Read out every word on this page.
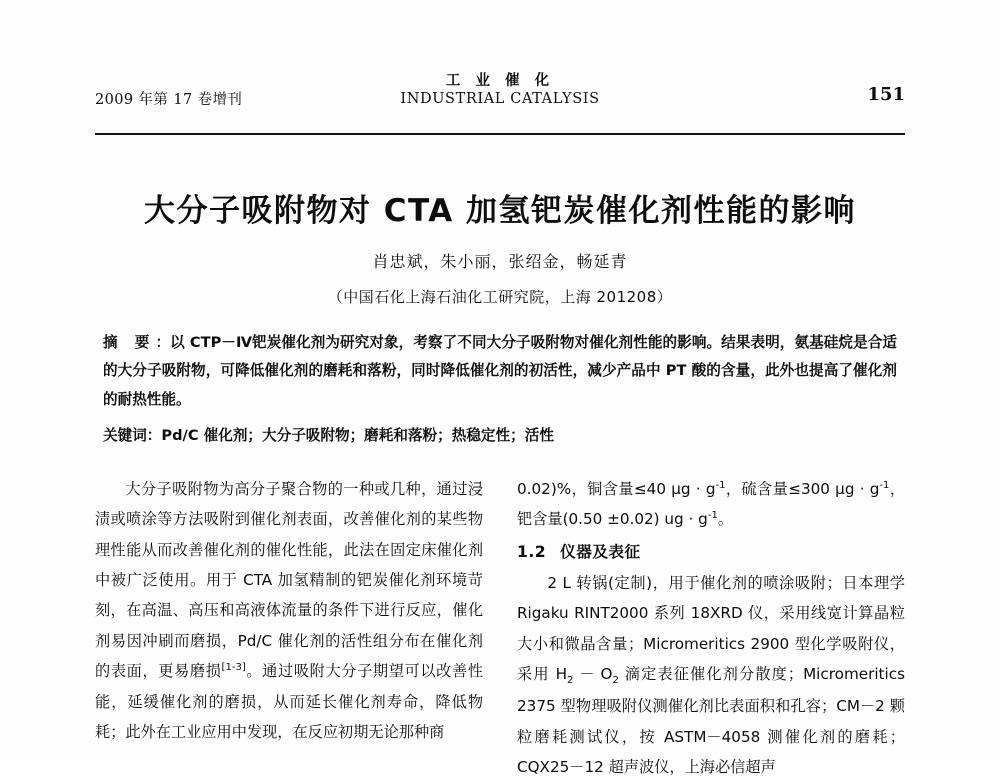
2009 年第 17 卷增刊
工 业 催 化
INDUSTRIAL CATALYSIS	151
大分子吸附物对 CTA 加氢钯炭催化剂性能的影响
肖忠斌，朱小丽，张绍金，畅延青
（中国石化上海石油化工研究院，上海 201208）
摘 要：以 CTP－Ⅳ钯炭催化剂为研究对象，考察了不同大分子吸附物对催化剂性能的影响。结果表明，氨基硅烷是合适的大分子吸附物，可降低催化剂的磨耗和落粉，同时降低催化剂的初活性，减少产品中 PT 酸的含量，此外也提高了催化剂的耐热性能。
关键词：Pd/C 催化剂；大分子吸附物；磨耗和落粉；热稳定性；活性

大分子吸附物为高分子聚合物的一种或几种，通过浸渍或喷涂等方法吸附到催化剂表面，改善催化剂的某些物理性能从而改善催化剂的催化性能，此法在固定床催化剂中被广泛使用。用于 CTA 加氢精制的钯炭催化剂环境苛刻，在高温、高压和高液体流量的条件下进行反应，催化剂易因冲刷而磨损，Pd/C 催化剂的活性组分布在催化剂的表面，更易磨损[1-3]。通过吸附大分子期望可以改善性能，延缓催化剂的磨损，从而延长催化剂寿命，降低物耗；此外在工业应用中发现，在反应初期无论那种商

0.02)%，铜含量≤40 $\mu g \cdot g^{-1}$，硫含量≤300 $\mu g \cdot g^{-1}$，钯含量(0.50 ±0.02) ug · $g^{-1}$。

1.2 仪器及表征

2 L 转锅(定制)，用于催化剂的喷涂吸附；日本理学 Rigaku RINT2000 系列 18XRD 仪，采用线宽计算晶粒大小和微晶含量；Micromeritics 2900 型化学吸附仪，采用 $H_2 - O_2$ 滴定表征催化剂分散度；Micromeritics 2375 型物理吸附仪测催化剂比表面积和孔容；CM－2 颗粒磨耗测试仪，按 ASTM－4058 测催化剂的磨耗；CQX25－12 超声波仪，上海必信超声
